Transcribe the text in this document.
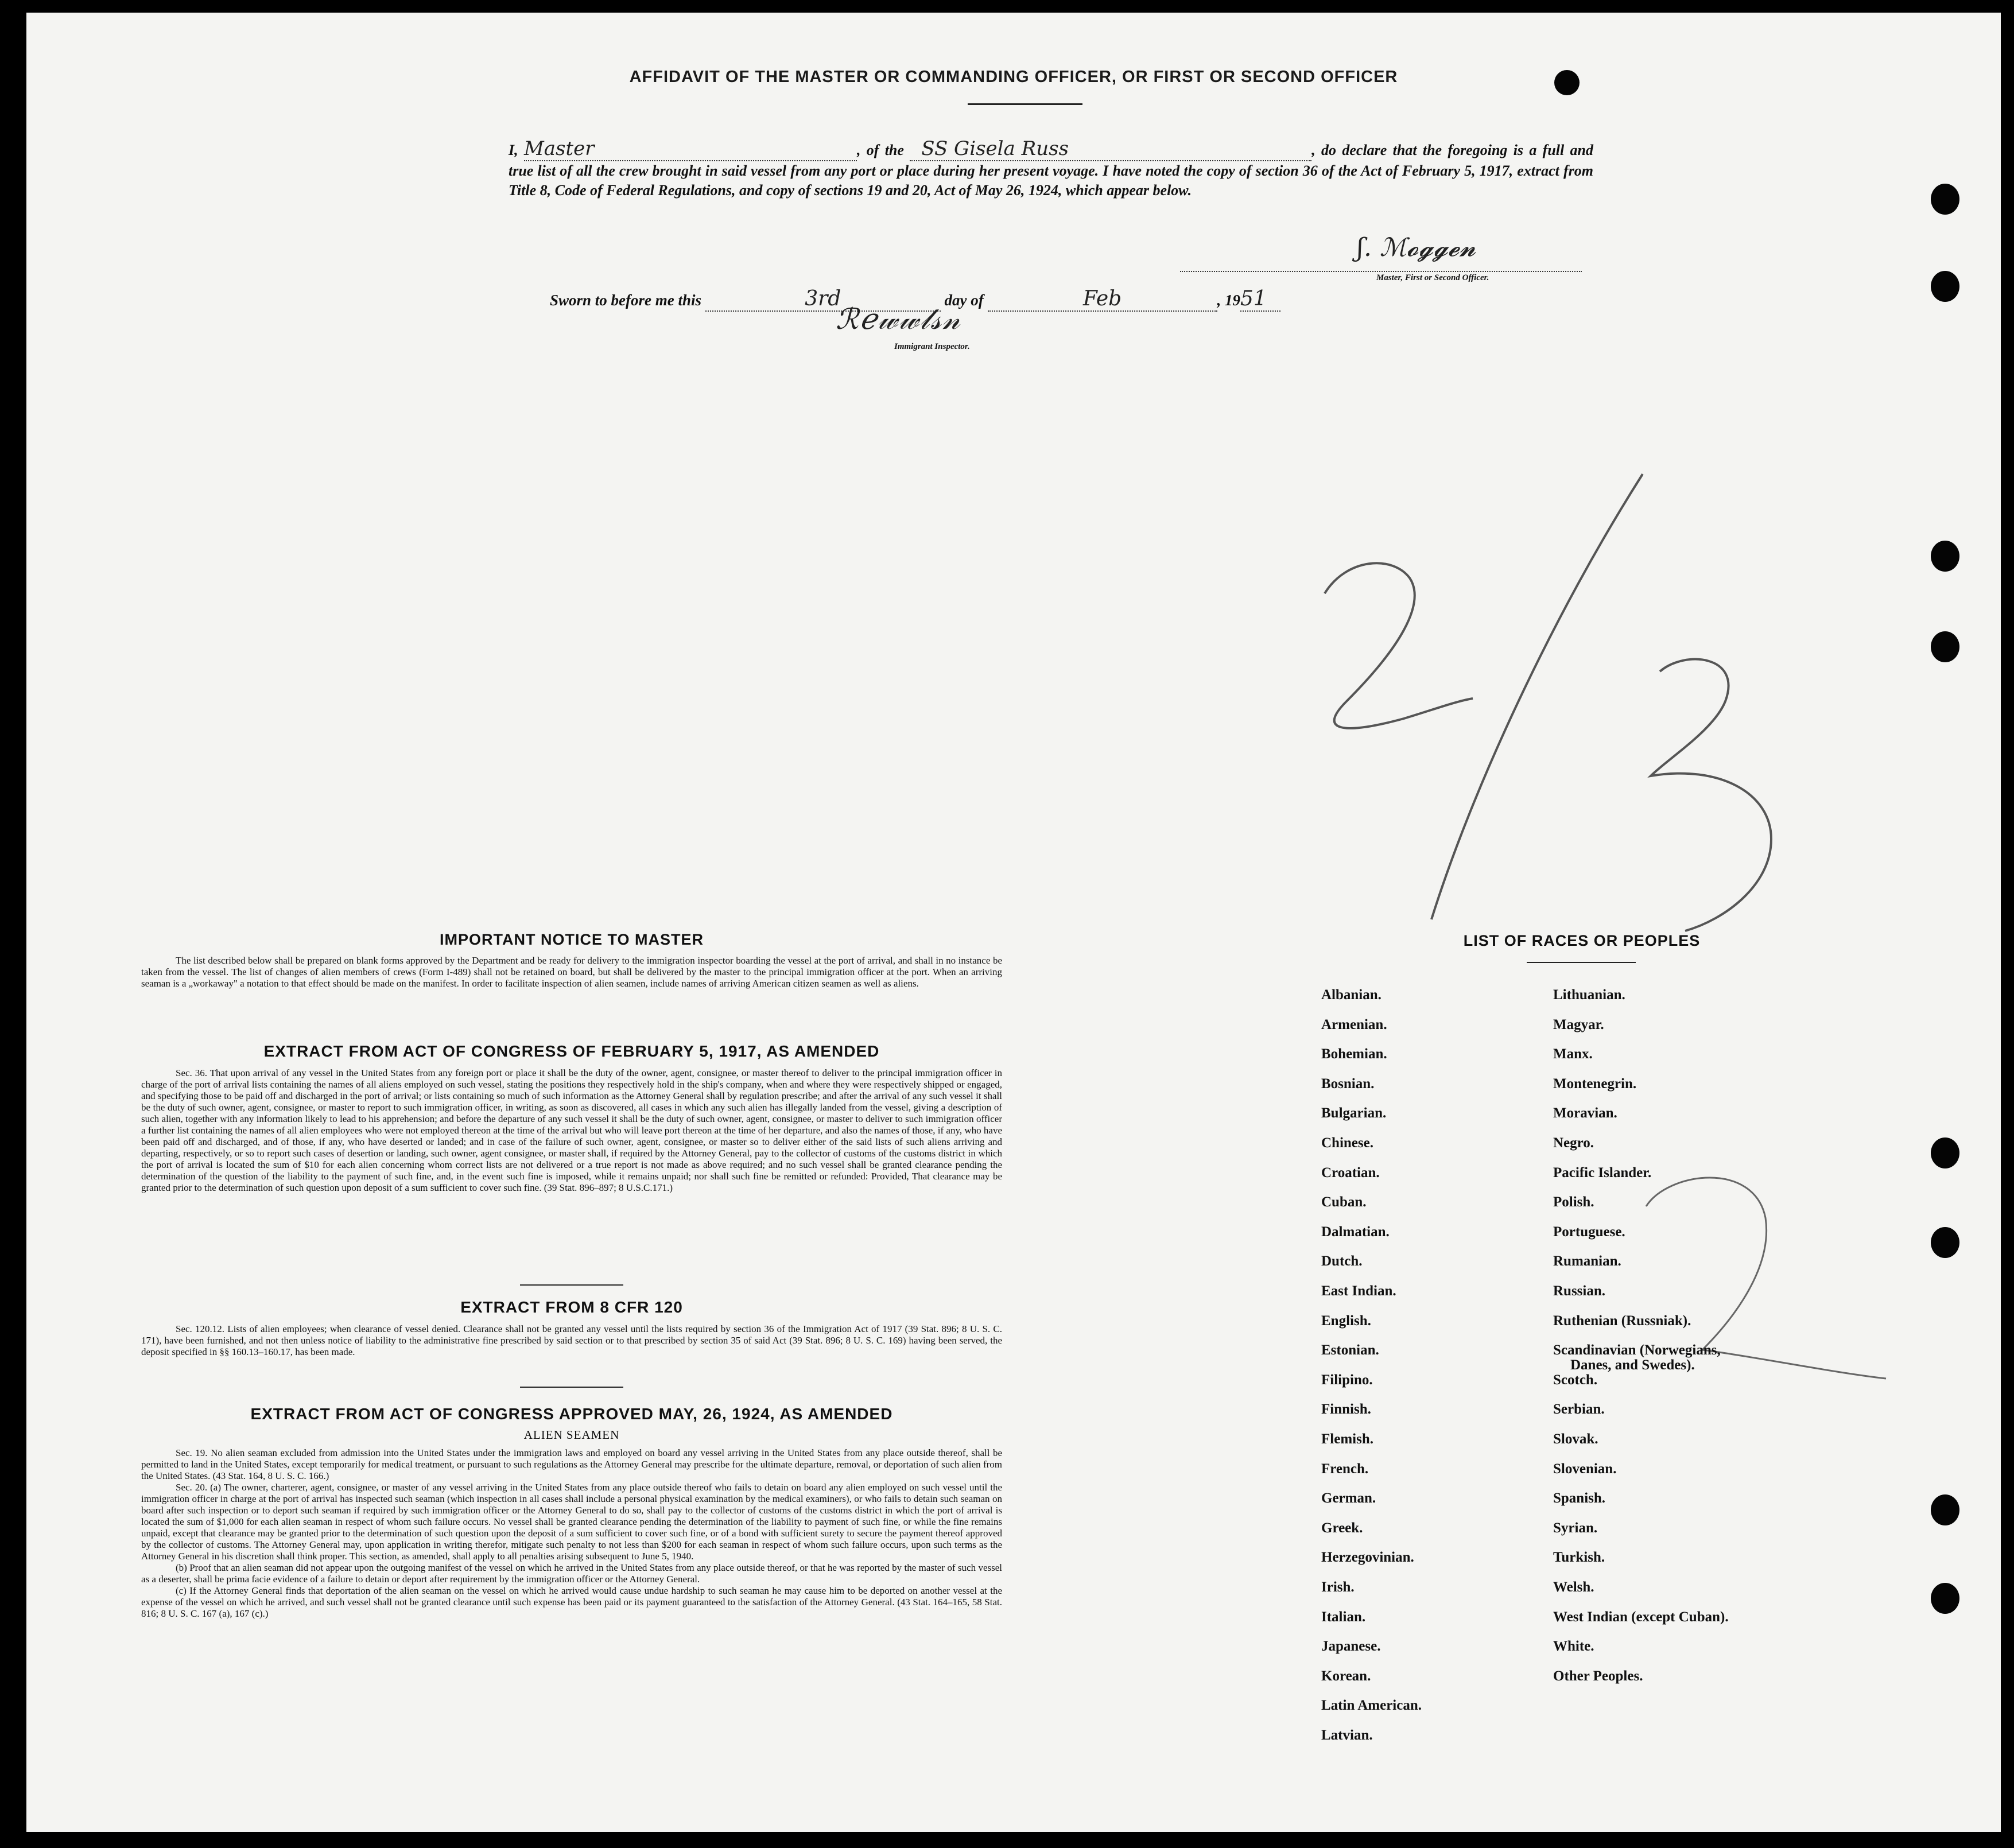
AFFIDAVIT OF THE MASTER OR COMMANDING OFFICER, OR FIRST OR SECOND OFFICER

I, Master	, of the SS Gisela Russ	, do declare that the foregoing is a full and true list of all the crew brought in said vessel from any port or place during her present voyage. I have noted the copy of section 36 of the Act of February 5, 1917, extract from Title 8, Code of Federal Regulations, and copy of sections 19 and 20, Act of May 26, 1924, which appear below.

ʃ. ℳ𝓸𝓰𝓰𝓮𝓷
Master, First or Second Officer.
Sworn to before me this	3rd	day of	Feb	, 1951
ℛℯ𝓌𝓌𝓁𝓈𝓃
Immigrant Inspector.
IMPORTANT NOTICE TO MASTER

The list described below shall be prepared on blank forms approved by the Department and be ready for delivery to the immigration inspector boarding the vessel at the port of arrival, and shall in no instance be taken from the vessel. The list of changes of alien members of crews (Form I-489) shall not be retained on board, but shall be delivered by the master to the principal immigration officer at the port. When an arriving seaman is a „workaway" a notation to that effect should be made on the manifest. In order to facilitate inspection of alien seamen, include names of arriving American citizen seamen as well as aliens.

EXTRACT FROM ACT OF CONGRESS OF FEBRUARY 5, 1917, AS AMENDED

Sec. 36. That upon arrival of any vessel in the United States from any foreign port or place it shall be the duty of the owner, agent, consignee, or master thereof to deliver to the principal immigration officer in charge of the port of arrival lists containing the names of all aliens employed on such vessel, stating the positions they respectively hold in the ship's company, when and where they were respectively shipped or engaged, and specifying those to be paid off and discharged in the port of arrival; or lists containing so much of such information as the Attorney General shall by regulation prescribe; and after the arrival of any such vessel it shall be the duty of such owner, agent, consignee, or master to report to such immigration officer, in writing, as soon as discovered, all cases in which any such alien has illegally landed from the vessel, giving a description of such alien, together with any information likely to lead to his apprehension; and before the departure of any such vessel it shall be the duty of such owner, agent, consignee, or master to deliver to such immigration officer a further list containing the names of all alien employees who were not employed thereon at the time of the arrival but who will leave port thereon at the time of her departure, and also the names of those, if any, who have been paid off and discharged, and of those, if any, who have deserted or landed; and in case of the failure of such owner, agent, consignee, or master so to deliver either of the said lists of such aliens arriving and departing, respectively, or so to report such cases of desertion or landing, such owner, agent consignee, or master shall, if required by the Attorney General, pay to the collector of customs of the customs district in which the port of arrival is located the sum of $10 for each alien concerning whom correct lists are not delivered or a true report is not made as above required; and no such vessel shall be granted clearance pending the determination of the question of the liability to the payment of such fine, and, in the event such fine is imposed, while it remains unpaid; nor shall such fine be remitted or refunded: Provided, That clearance may be granted prior to the determination of such question upon deposit of a sum sufficient to cover such fine. (39 Stat. 896–897; 8 U.S.C.171.)

EXTRACT FROM 8 CFR 120

Sec. 120.12. Lists of alien employees; when clearance of vessel denied. Clearance shall not be granted any vessel until the lists required by section 36 of the Immigration Act of 1917 (39 Stat. 896; 8 U. S. C. 171), have been furnished, and not then unless notice of liability to the administrative fine prescribed by said section or to that prescribed by section 35 of said Act (39 Stat. 896; 8 U. S. C. 169) having been served, the deposit specified in §§ 160.13–160.17, has been made.

EXTRACT FROM ACT OF CONGRESS APPROVED MAY, 26, 1924, AS AMENDED
ALIEN SEAMEN

Sec. 19. No alien seaman excluded from admission into the United States under the immigration laws and employed on board any vessel arriving in the United States from any place outside thereof, shall be permitted to land in the United States, except temporarily for medical treatment, or pursuant to such regulations as the Attorney General may prescribe for the ultimate departure, removal, or deportation of such alien from the United States. (43 Stat. 164, 8 U. S. C. 166.)
Sec. 20. (a) The owner, charterer, agent, consignee, or master of any vessel arriving in the United States from any place outside thereof who fails to detain on board any alien employed on such vessel until the immigration officer in charge at the port of arrival has inspected such seaman (which inspection in all cases shall include a personal physical examination by the medical examiners), or who fails to detain such seaman on board after such inspection or to deport such seaman if required by such immigration officer or the Attorney General to do so, shall pay to the collector of customs of the customs district in which the port of arrival is located the sum of $1,000 for each alien seaman in respect of whom such failure occurs. No vessel shall be granted clearance pending the determination of the liability to payment of such fine, or while the fine remains unpaid, except that clearance may be granted prior to the determination of such question upon the deposit of a sum sufficient to cover such fine, or of a bond with sufficient surety to secure the payment thereof approved by the collector of customs. The Attorney General may, upon application in writing therefor, mitigate such penalty to not less than $200 for each seaman in respect of whom such failure occurs, upon such terms as the Attorney General in his discretion shall think proper. This section, as amended, shall apply to all penalties arising subsequent to June 5, 1940.
(b) Proof that an alien seaman did not appear upon the outgoing manifest of the vessel on which he arrived in the United States from any place outside thereof, or that he was reported by the master of such vessel as a deserter, shall be prima facie evidence of a failure to detain or deport after requirement by the immigration officer or the Attorney General.
(c) If the Attorney General finds that deportation of the alien seaman on the vessel on which he arrived would cause undue hardship to such seaman he may cause him to be deported on another vessel at the expense of the vessel on which he arrived, and such vessel shall not be granted clearance until such expense has been paid or its payment guaranteed to the satisfaction of the Attorney General. (43 Stat. 164–165, 58 Stat. 816; 8 U. S. C. 167 (a), 167 (c).)

LIST OF RACES OR PEOPLES
Albanian.
Armenian.
Bohemian.
Bosnian.
Bulgarian.
Chinese.
Croatian.
Cuban.
Dalmatian.
Dutch.
East Indian.
English.
Estonian.
Filipino.
Finnish.
Flemish.
French.
German.
Greek.
Herzegovinian.
Irish.
Italian.
Japanese.
Korean.
Latin American.
Latvian.
Lithuanian.
Magyar.
Manx.
Montenegrin.
Moravian.
Negro.
Pacific Islander.
Polish.
Portuguese.
Rumanian.
Russian.
Ruthenian (Russniak).
Scandinavian (Norwegians,
Danes, and Swedes).
Scotch.
Serbian.
Slovak.
Slovenian.
Spanish.
Syrian.
Turkish.
Welsh.
West Indian (except Cuban).
White.
Other Peoples.
